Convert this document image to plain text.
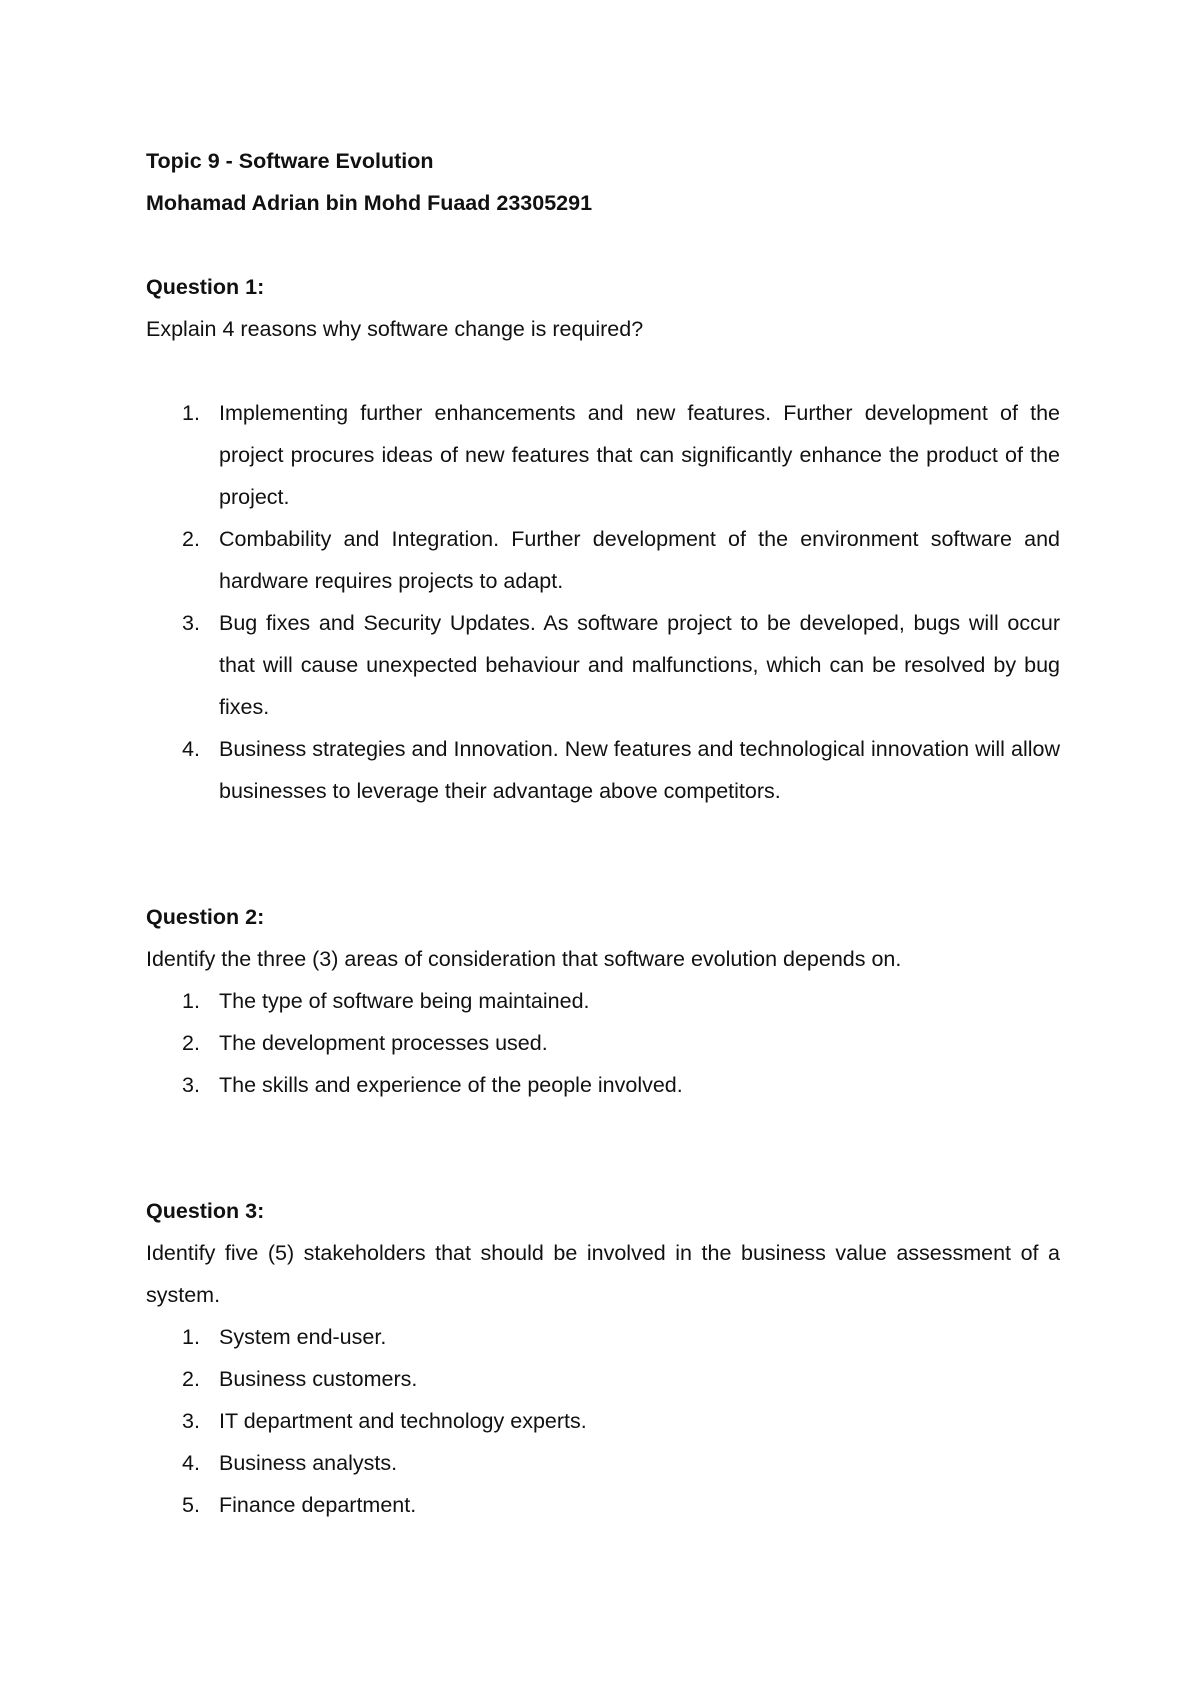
Topic 9 - Software Evolution

Mohamad Adrian bin Mohd Fuaad 23305291

Question 1:

Explain 4 reasons why software change is required?

1. Implementing further enhancements and new features. Further development of the project procures ideas of new features that can significantly enhance the product of the project.
2. Combability and Integration. Further development of the environment software and hardware requires projects to adapt.
3. Bug fixes and Security Updates. As software project to be developed, bugs will occur that will cause unexpected behaviour and malfunctions, which can be resolved by bug fixes.
4. Business strategies and Innovation. New features and technological innovation will allow businesses to leverage their advantage above competitors.

Question 2:

Identify the three (3) areas of consideration that software evolution depends on.

1. The type of software being maintained.
2. The development processes used.
3. The skills and experience of the people involved.

Question 3:

Identify five (5) stakeholders that should be involved in the business value assessment of a system.

1. System end-user.
2. Business customers.
3. IT department and technology experts.
4. Business analysts.
5. Finance department.
